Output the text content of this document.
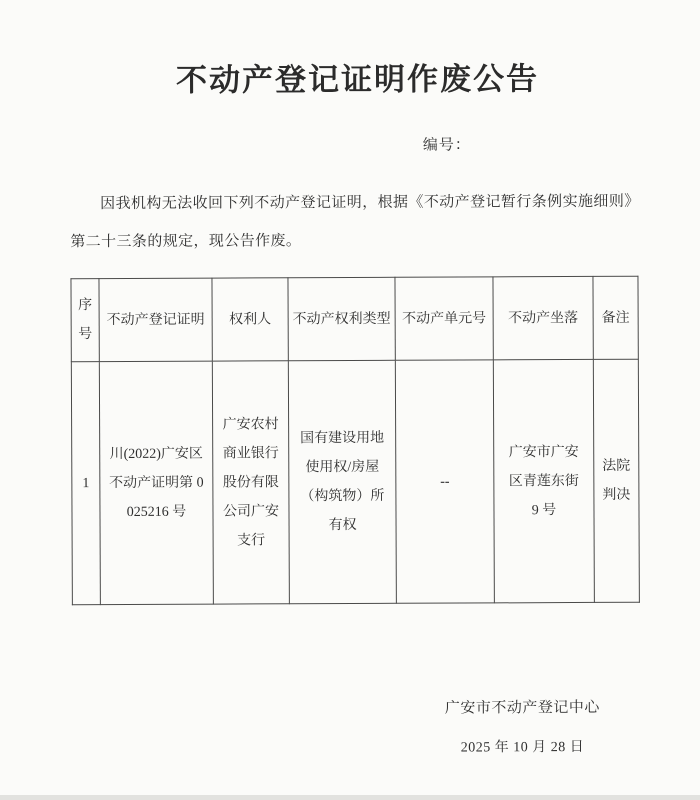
不动产登记证明作废公告
编号：

因我机构无法收回下列不动产登记证明，根据《不动产登记暂行条例实施细则》第二十三条的规定，现公告作废。

序号	不动产登记证明	权利人	不动产权利类型	不动产单元号	不动产坐落	备注
1	川(2022)广安区不动产证明第 0025216 号	广安农村商业银行股份有限公司广安支行	国有建设用地使用权/房屋（构筑物）所有权	--	广安市广安区青莲东街 9 号	法院判决
广安市不动产登记中心
2025 年 10 月 28 日
